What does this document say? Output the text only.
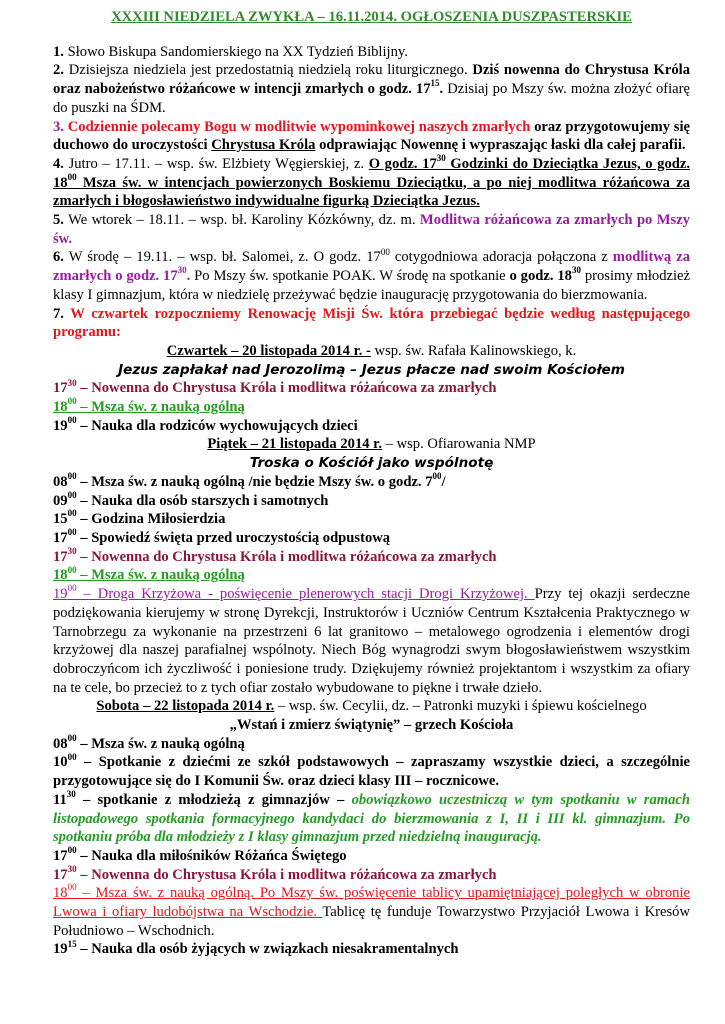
XXXIII NIEDZIELA ZWYKŁA – 16.11.2014. OGŁOSZENIA DUSZPASTERSKIE
1. Słowo Biskupa Sandomierskiego na XX Tydzień Biblijny.
2. Dzisiejsza niedziela jest przedostatnią niedzielą roku liturgicznego. Dziś nowenna do Chrystusa Króla oraz nabożeństwo różańcowe w intencji zmarłych o godz. $17^{15}$. Dzisiaj po Mszy św. można złożyć ofiarę do puszki na ŚDM.
3. Codziennie polecamy Bogu w modlitwie wypominkowej naszych zmarłych oraz przygotowujemy się duchowo do uroczystości Chrystusa Króla odprawiając Nowennę i wypraszając łaski dla całej parafii.
4. Jutro – 17.11. – wsp. św. Elżbiety Węgierskiej, z. O godz. $17^{30}$ Godzinki do Dzieciątka Jezus, o godz. $18^{00}$ Msza św. w intencjach powierzonych Boskiemu Dzieciątku, a po niej modlitwa różańcowa za zmarłych i błogosławieństwo indywidualne figurką Dzieciątka Jezus.
5. We wtorek – 18.11. – wsp. bł. Karoliny Kózkówny, dz. m. Modlitwa różańcowa za zmarłych po Mszy św.
6. W środę – 19.11. – wsp. bł. Salomei, z. O godz. $17^{00}$ cotygodniowa adoracja połączona z modlitwą za zmarłych o godz. $17^{30}$. Po Mszy św. spotkanie POAK. W środę na spotkanie o godz. $18^{30}$ prosimy młodzież klasy I gimnazjum, która w niedzielę przeżywać będzie inaugurację przygotowania do bierzmowania.
7. W czwartek rozpoczniemy Renowację Misji Św. która przebiegać będzie według następującego programu:
Czwartek – 20 listopada 2014 r. - wsp. św. Rafała Kalinowskiego, k.
Jezus zapłakał nad Jerozolimą – Jezus płacze nad swoim Kościołem
$17^{30}$ – Nowenna do Chrystusa Króla i modlitwa różańcowa za zmarłych
$18^{00}$ – Msza św. z nauką ogólną
$19^{00}$ – Nauka dla rodziców wychowujących dzieci
Piątek – 21 listopada 2014 r. – wsp. Ofiarowania NMP
Troska o Kościół jako wspólnotę
$08^{00}$ – Msza św. z nauką ogólną /nie będzie Mszy św. o godz. $7^{00}/$
$09^{00}$ – Nauka dla osób starszych i samotnych
$15^{00}$ – Godzina Miłosierdzia
$17^{00}$ – Spowiedź święta przed uroczystością odpustową
$17^{30}$ – Nowenna do Chrystusa Króla i modlitwa różańcowa za zmarłych
$18^{00}$ – Msza św. z nauką ogólną
$19^{00}$ – Droga Krzyżowa - poświęcenie plenerowych stacji Drogi Krzyżowej. Przy tej okazji serdeczne podziękowania kierujemy w stronę Dyrekcji, Instruktorów i Uczniów Centrum Kształcenia Praktycznego w Tarnobrzegu za wykonanie na przestrzeni 6 lat granitowo – metalowego ogrodzenia i elementów drogi krzyżowej dla naszej parafialnej wspólnoty. Niech Bóg wynagrodzi swym błogosławieństwem wszystkim dobroczyńcom ich życzliwość i poniesione trudy. Dziękujemy również projektantom i wszystkim za ofiary na te cele, bo przecież to z tych ofiar zostało wybudowane to piękne i trwałe dzieło.
Sobota – 22 listopada 2014 r. – wsp. św. Cecylii, dz. – Patronki muzyki i śpiewu kościelnego
„Wstań i zmierz świątynię” – grzech Kościoła
$08^{00}$ – Msza św. z nauką ogólną
$10^{00}$ – Spotkanie z dziećmi ze szkół podstawowych – zapraszamy wszystkie dzieci, a szczególnie przygotowujące się do I Komunii Św. oraz dzieci klasy III – rocznicowe.
$11^{30}$ – spotkanie z młodzieżą z gimnazjów – obowiązkowo uczestniczą w tym spotkaniu w ramach listopadowego spotkania formacyjnego kandydaci do bierzmowania z I, II i III kl. gimnazjum. Po spotkaniu próba dla młodzieży z I klasy gimnazjum przed niedzielną inauguracją.
$17^{00}$ – Nauka dla miłośników Różańca Świętego
$17^{30}$ – Nowenna do Chrystusa Króla i modlitwa różańcowa za zmarłych
$18^{00}$ – Msza św. z nauką ogólną. Po Mszy św. poświęcenie tablicy upamiętniającej poległych w obronie Lwowa i ofiary ludobójstwa na Wschodzie. Tablicę tę funduje Towarzystwo Przyjaciół Lwowa i Kresów Południowo – Wschodnich.
$19^{15}$ – Nauka dla osób żyjących w związkach niesakramentalnych
